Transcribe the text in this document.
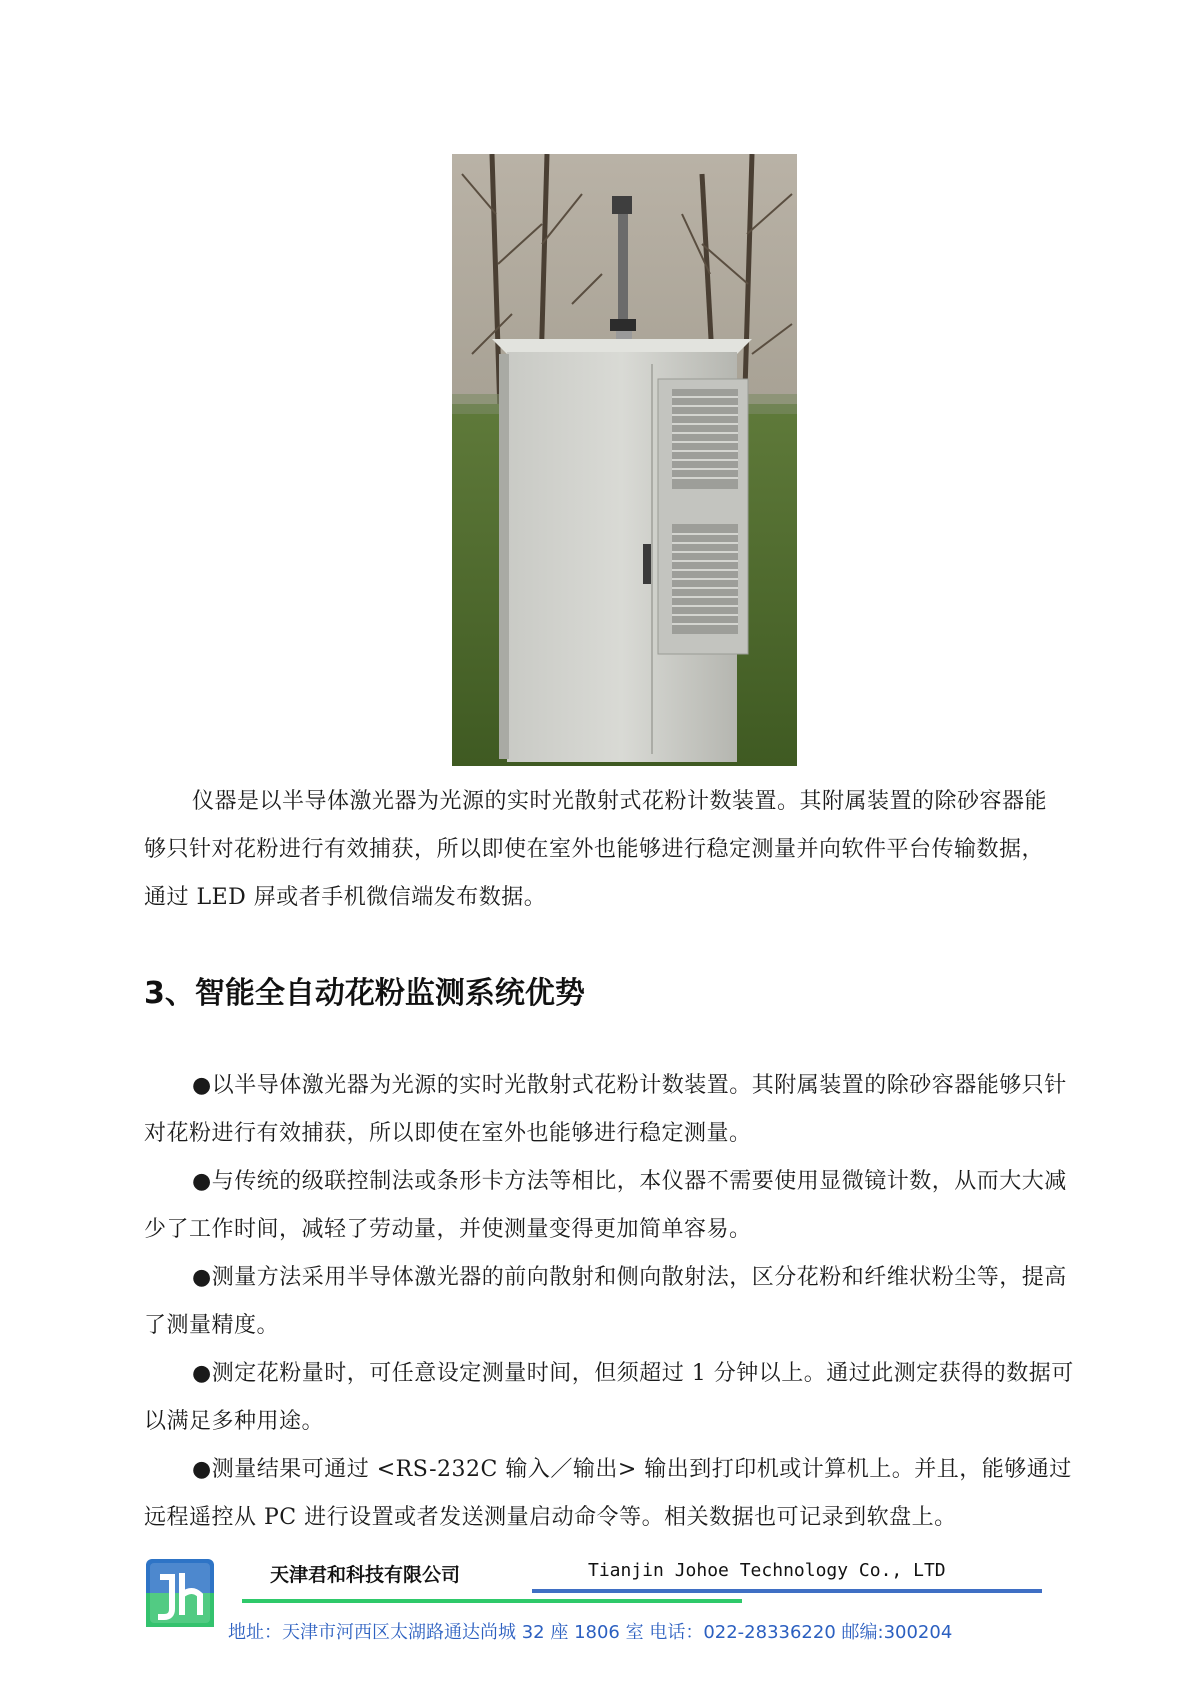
仪器是以半导体激光器为光源的实时光散射式花粉计数装置。其附属装置的除砂容器能够只针对花粉进行有效捕获，所以即使在室外也能够进行稳定测量并向软件平台传输数据，通过 LED 屏或者手机微信端发布数据。

3、智能全自动花粉监测系统优势
●以半导体激光器为光源的实时光散射式花粉计数装置。其附属装置的除砂容器能够只针对花粉进行有效捕获，所以即使在室外也能够进行稳定测量。
●与传统的级联控制法或条形卡方法等相比，本仪器不需要使用显微镜计数，从而大大减少了工作时间，减轻了劳动量，并使测量变得更加简单容易。
●测量方法采用半导体激光器的前向散射和侧向散射法，区分花粉和纤维状粉尘等，提高了测量精度。
●测定花粉量时，可任意设定测量时间，但须超过 1 分钟以上。通过此测定获得的数据可以满足多种用途。
●测量结果可通过 <RS-232C 输入／输出> 输出到打印机或计算机上。并且，能够通过远程遥控从 PC 进行设置或者发送测量启动命令等。相关数据也可记录到软盘上。
天津君和科技有限公司	Tianjin Johoe Technology Co., LTD
地址：天津市河西区太湖路通达尚城 32 座 1806 室 电话：022-28336220 邮编:300204
